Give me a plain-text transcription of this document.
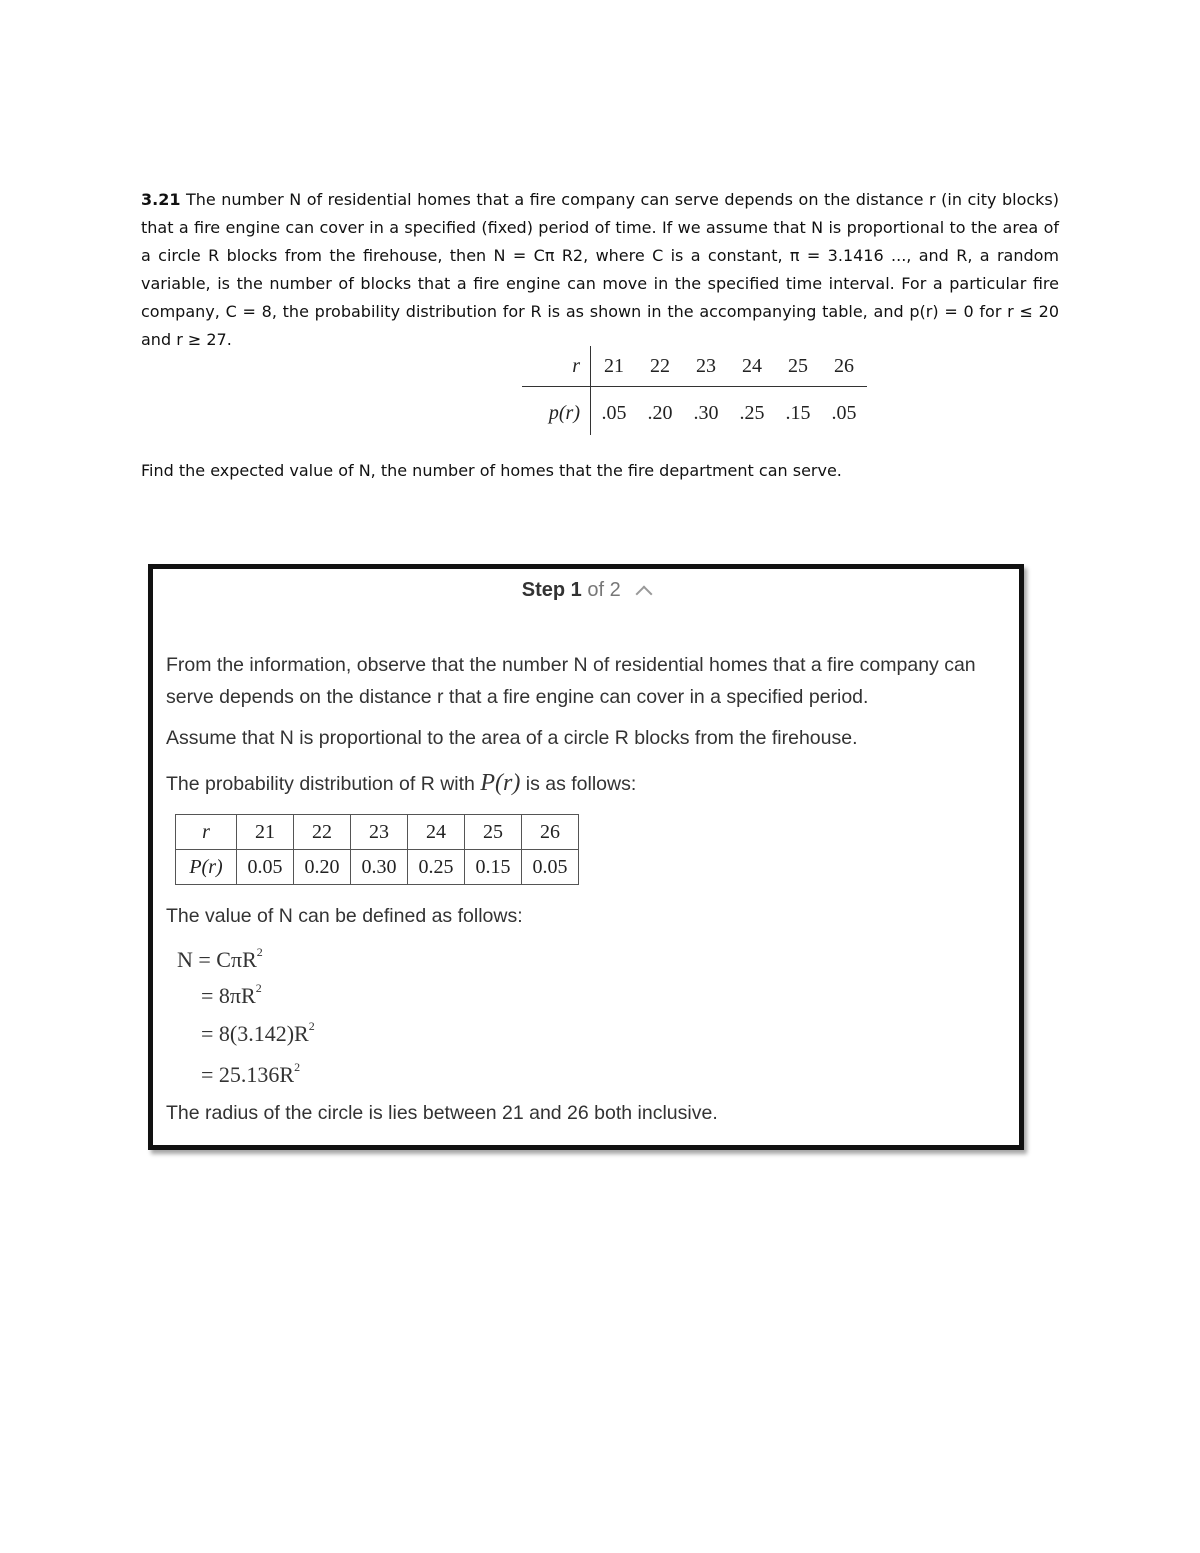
3.21 The number N of residential homes that a fire company can serve depends on the distance r (in city blocks) that a fire engine can cover in a specified (fixed) period of time. If we assume that N is proportional to the area of a circle R blocks from the firehouse, then N = Cπ R2, where C is a constant, π = 3.1416 ..., and R, a random variable, is the number of blocks that a fire engine can move in the specified time interval. For a particular fire company, C = 8, the probability distribution for R is as shown in the accompanying table, and p(r) = 0 for r ≤ 20 and r ≥ 27.
r	21	22	23	24	25	26
p(r)	.05	.20	.30	.25	.15	.05
Find the expected value of N, the number of homes that the fire department can serve.
Step 1 of 2
From the information, observe that the number N of residential homes that a fire company can serve depends on the distance r that a fire engine can cover in a specified period.
Assume that N is proportional to the area of a circle R blocks from the firehouse.
The probability distribution of R with P(r) is as follows:
r	21	22	23	24	25	26
P(r)	0.05	0.20	0.30	0.25	0.15	0.05
The value of N can be defined as follows:
N = CπR$^2$
= $8\pi R^2$
= $8(3.142)R^2$
= $25.136R^2$
The radius of the circle is lies between 21 and 26 both inclusive.
